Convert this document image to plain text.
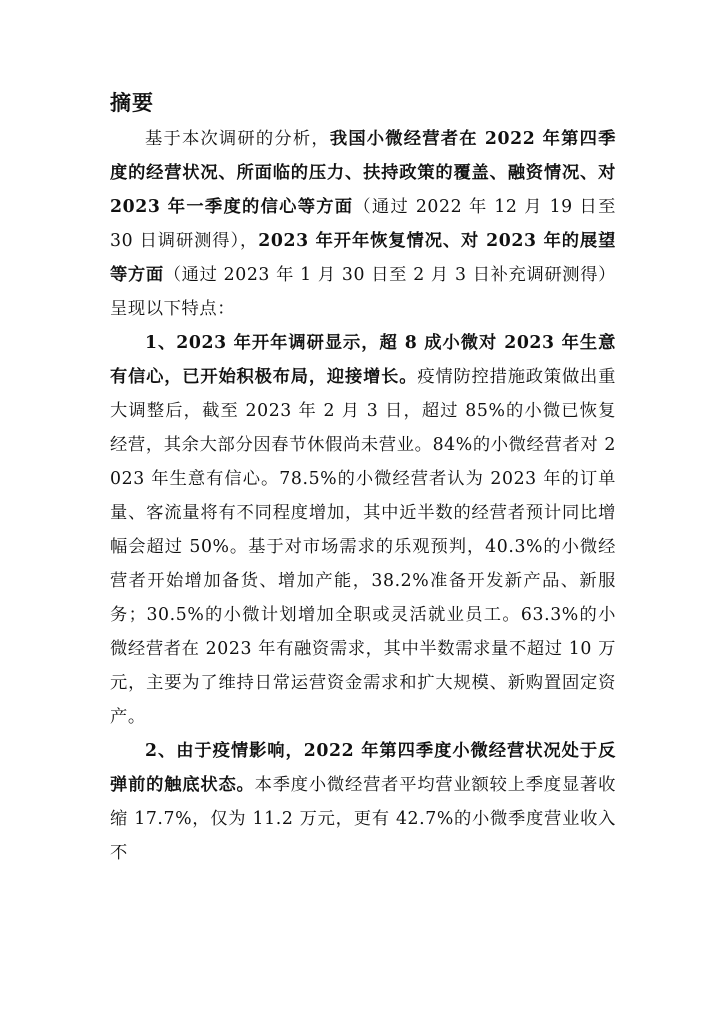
摘要

基于本次调研的分析，我国小微经营者在 2022 年第四季度的经营状况、所面临的压力、扶持政策的覆盖、融资情况、对 2023 年一季度的信心等方面（通过 2022 年 12 月 19 日至 30 日调研测得），2023 年开年恢复情况、对 2023 年的展望等方面（通过 2023 年 1 月 30 日至 2 月 3 日补充调研测得）呈现以下特点：

1、2023 年开年调研显示，超 8 成小微对 2023 年生意有信心，已开始积极布局，迎接增长。疫情防控措施政策做出重大调整后，截至 2023 年 2 月 3 日，超过 85%的小微已恢复经营，其余大部分因春节休假尚未营业。84%的小微经营者对 2023 年生意有信心。78.5%的小微经营者认为 2023 年的订单量、客流量将有不同程度增加，其中近半数的经营者预计同比增幅会超过 50%。基于对市场需求的乐观预判，40.3%的小微经营者开始增加备货、增加产能，38.2%准备开发新产品、新服务；30.5%的小微计划增加全职或灵活就业员工。63.3%的小微经营者在 2023 年有融资需求，其中半数需求量不超过 10 万元，主要为了维持日常运营资金需求和扩大规模、新购置固定资产。

2、由于疫情影响，2022 年第四季度小微经营状况处于反弹前的触底状态。本季度小微经营者平均营业额较上季度显著收缩 17.7%，仅为 11.2 万元，更有 42.7%的小微季度营业收入不
